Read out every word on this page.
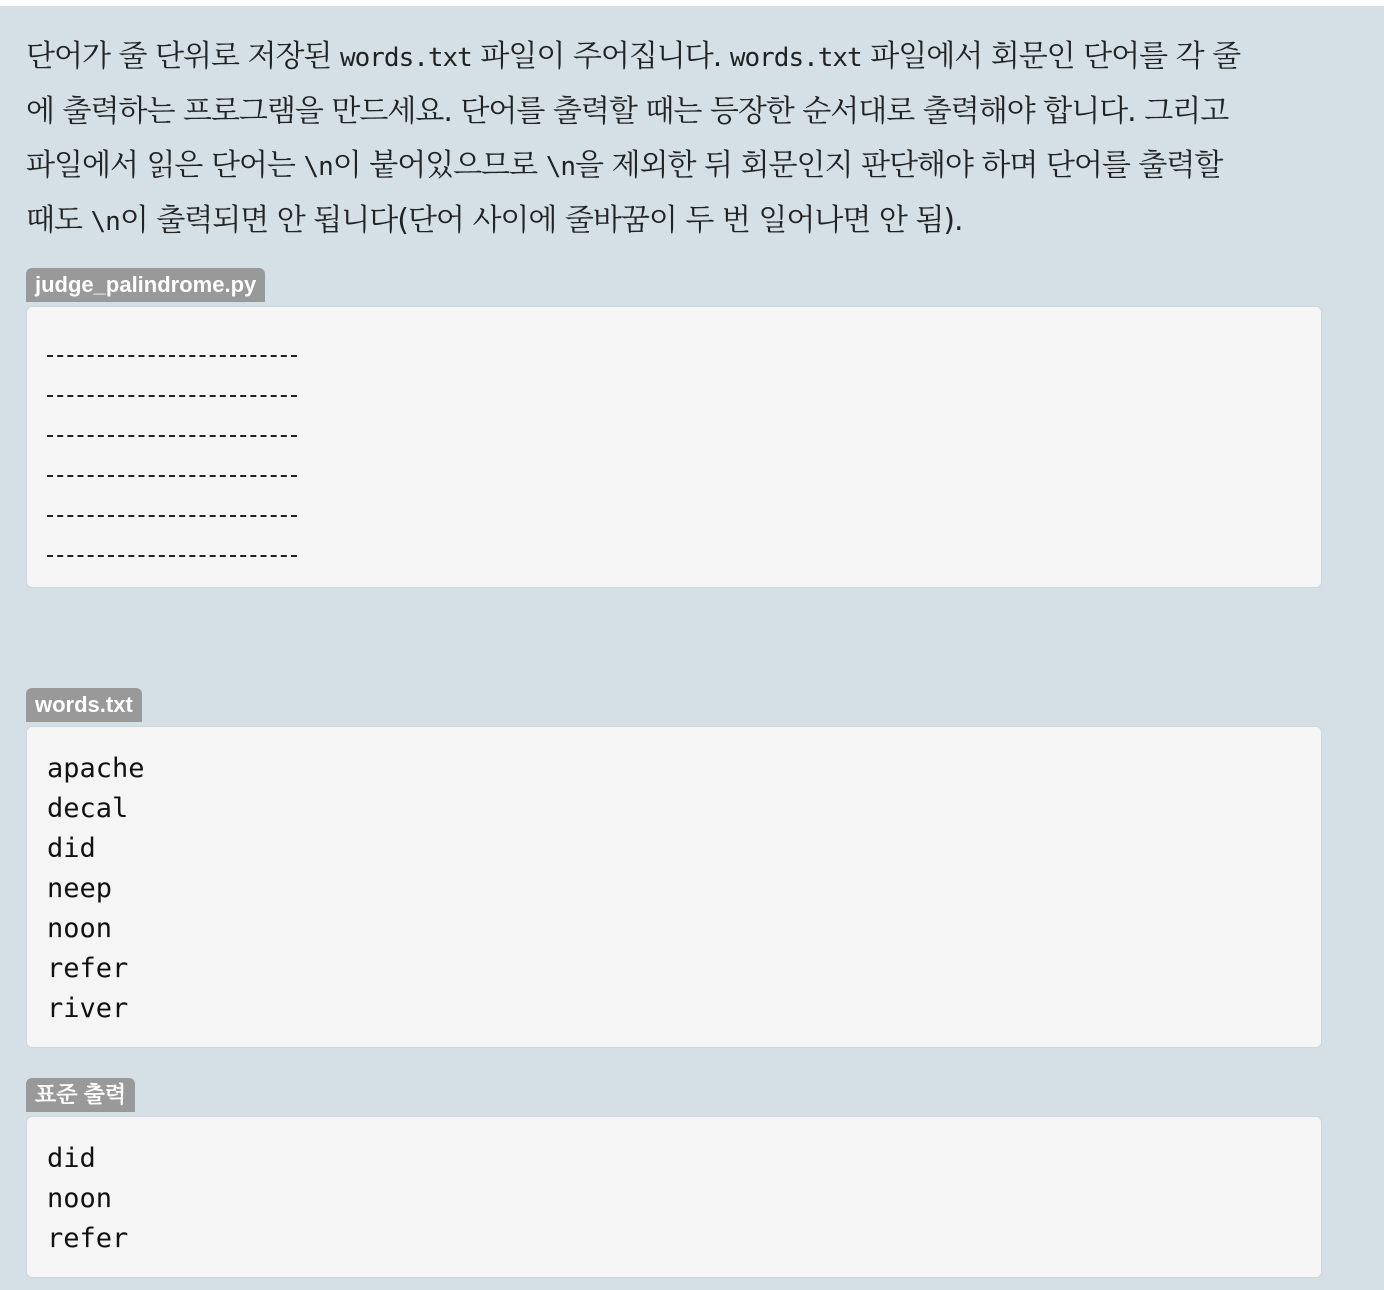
단어가 줄 단위로 저장된 words.txt 파일이 주어집니다. words.txt 파일에서 회문인 단어를 각 줄
에 출력하는 프로그램을 만드세요. 단어를 출력할 때는 등장한 순서대로 출력해야 합니다. 그리고
파일에서 읽은 단어는 \n이 붙어있으므로 \n을 제외한 뒤 회문인지 판단해야 하며 단어를 출력할
때도 \n이 출력되면 안 됩니다(단어 사이에 줄바꿈이 두 번 일어나면 안 됨).
judge_palindrome.py
words.txt
apache
decal
did
neep
noon
refer
river
표준 출력
did
noon
refer
